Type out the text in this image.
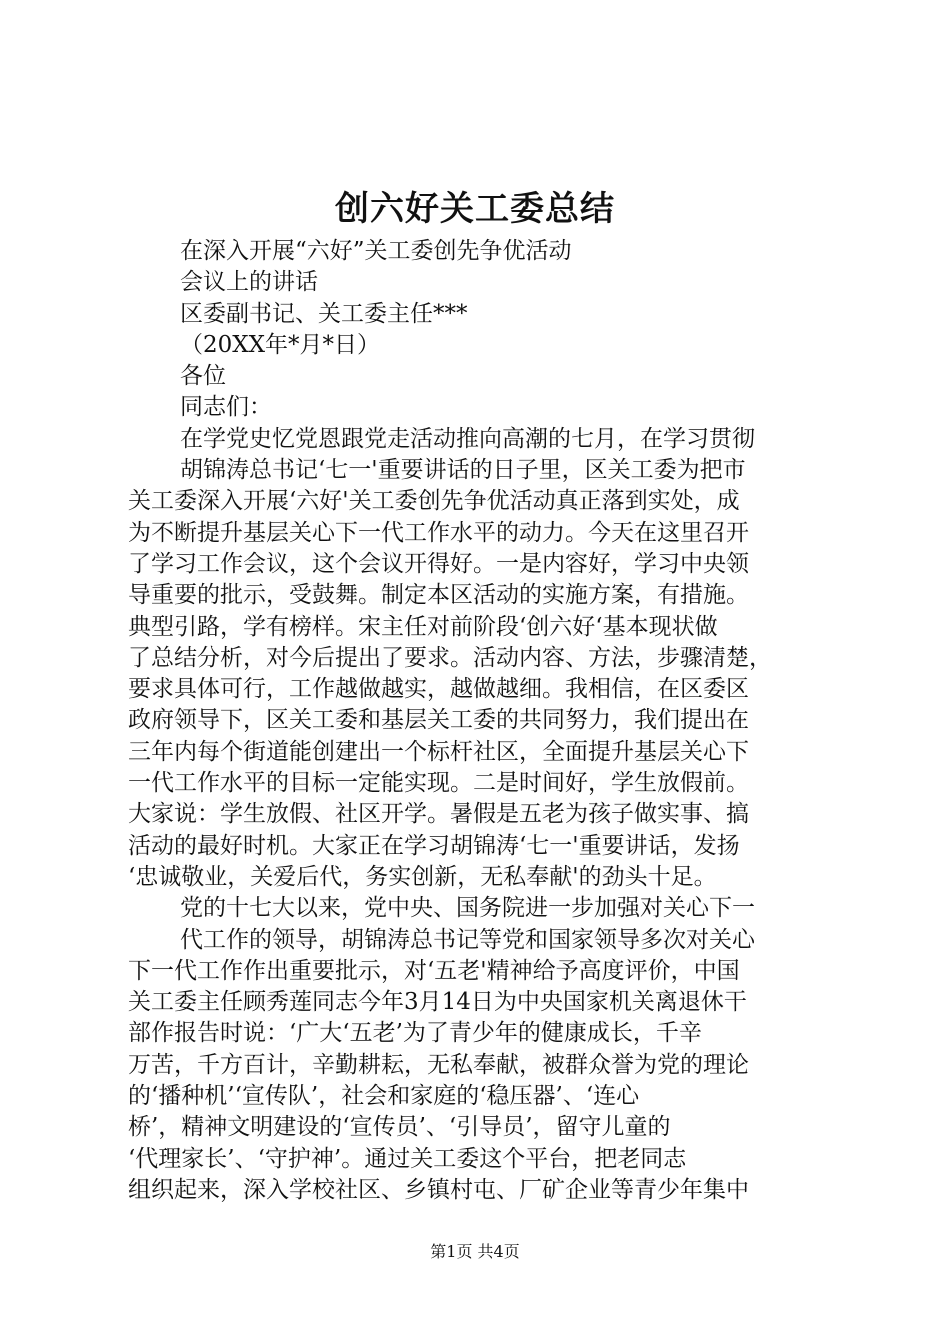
创六好关工委总结
在深入开展“六好”关工委创先争优活动
会议上的讲话
区委副书记、关工委主任***
（20XX年*月*日）
各位
同志们：
在学党史忆党恩跟党走活动推向高潮的七月，在学习贯彻
胡锦涛总书记‘七一'重要讲话的日子里，区关工委为把市
关工委深入开展‘六好'关工委创先争优活动真正落到实处，成
为不断提升基层关心下一代工作水平的动力。今天在这里召开
了学习工作会议，这个会议开得好。一是内容好，学习中央领
导重要的批示，受鼓舞。制定本区活动的实施方案，有措施。
典型引路，学有榜样。宋主任对前阶段‘创六好‘基本现状做
了总结分析，对今后提出了要求。活动内容、方法，步骤清楚，
要求具体可行，工作越做越实，越做越细。我相信，在区委区
政府领导下，区关工委和基层关工委的共同努力，我们提出在
三年内每个街道能创建出一个标杆社区，全面提升基层关心下
一代工作水平的目标一定能实现。二是时间好，学生放假前。
大家说：学生放假、社区开学。暑假是五老为孩子做实事、搞
活动的最好时机。大家正在学习胡锦涛‘七一'重要讲话，发扬
‘忠诚敬业，关爱后代，务实创新，无私奉献'的劲头十足。
党的十七大以来，党中央、国务院进一步加强对关心下一
代工作的领导，胡锦涛总书记等党和国家领导多次对关心
下一代工作作出重要批示，对‘五老'精神给予高度评价，中国
关工委主任顾秀莲同志今年3月14日为中央国家机关离退休干
部作报告时说：‘广大‘五老’为了青少年的健康成长，千辛
万苦，千方百计，辛勤耕耘，无私奉献，被群众誉为党的理论
的‘播种机’‘宣传队’，社会和家庭的‘稳压器’、‘连心
桥’，精神文明建设的‘宣传员’、‘引导员’，留守儿童的
‘代理家长’、‘守护神’。通过关工委这个平台，把老同志
组织起来，深入学校社区、乡镇村屯、厂矿企业等青少年集中
第1页 共4页
